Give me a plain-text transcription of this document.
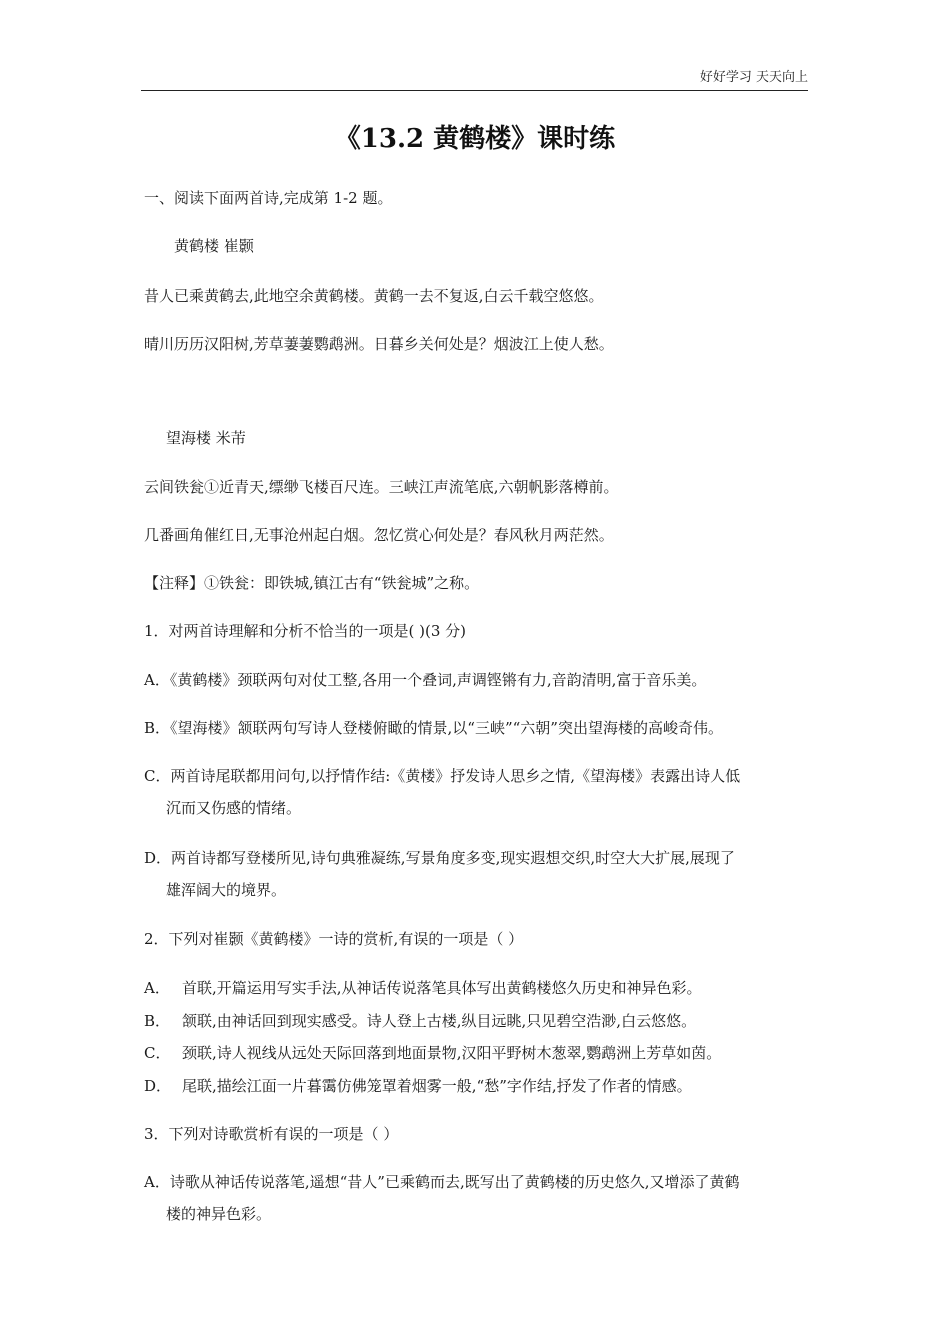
好好学习 天天向上
《13.2 黄鹤楼》课时练
一、阅读下面两首诗,完成第 1-2 题。
黄鹤楼 崔颢
昔人已乘黄鹤去,此地空余黄鹤楼。黄鹤一去不复返,白云千载空悠悠。
晴川历历汉阳树,芳草萋萋鹦鹉洲。日暮乡关何处是？烟波江上使人愁。
望海楼 米芾
云间铁瓮①近青天,缥缈飞楼百尺连。三峡江声流笔底,六朝帆影落樽前。
几番画角催红日,无事沧州起白烟。忽忆赏心何处是？春风秋月两茫然。
【注释】①铁瓮：即铁城,镇江古有“铁瓮城”之称。
1．对两首诗理解和分析不恰当的一项是( )(3 分)
A．《黄鹤楼》颈联两句对仗工整,各用一个叠词,声调铿锵有力,音韵清明,富于音乐美。
B．《望海楼》颔联两句写诗人登楼俯瞰的情景,以“三峡”“六朝”突出望海楼的高峻奇伟。
C．两首诗尾联都用问句,以抒情作结:《黄楼》抒发诗人思乡之情,《望海楼》表露出诗人低
沉而又伤感的情绪。
D．两首诗都写登楼所见,诗句典雅凝练,写景角度多变,现实遐想交织,时空大大扩展,展现了
雄浑阔大的境界。
2．下列对崔颢《黄鹤楼》一诗的赏析,有误的一项是（ ）
A． 首联,开篇运用写实手法,从神话传说落笔具体写出黄鹤楼悠久历史和神异色彩。
B． 颔联,由神话回到现实感受。诗人登上古楼,纵目远眺,只见碧空浩渺,白云悠悠。
C． 颈联,诗人视线从远处天际回落到地面景物,汉阳平野树木葱翠,鹦鹉洲上芳草如茵。
D． 尾联,描绘江面一片暮霭仿佛笼罩着烟雾一般,“愁”字作结,抒发了作者的情感。
3．下列对诗歌赏析有误的一项是（ ）
A．诗歌从神话传说落笔,遥想“昔人”已乘鹤而去,既写出了黄鹤楼的历史悠久,又增添了黄鹤
楼的神异色彩。
